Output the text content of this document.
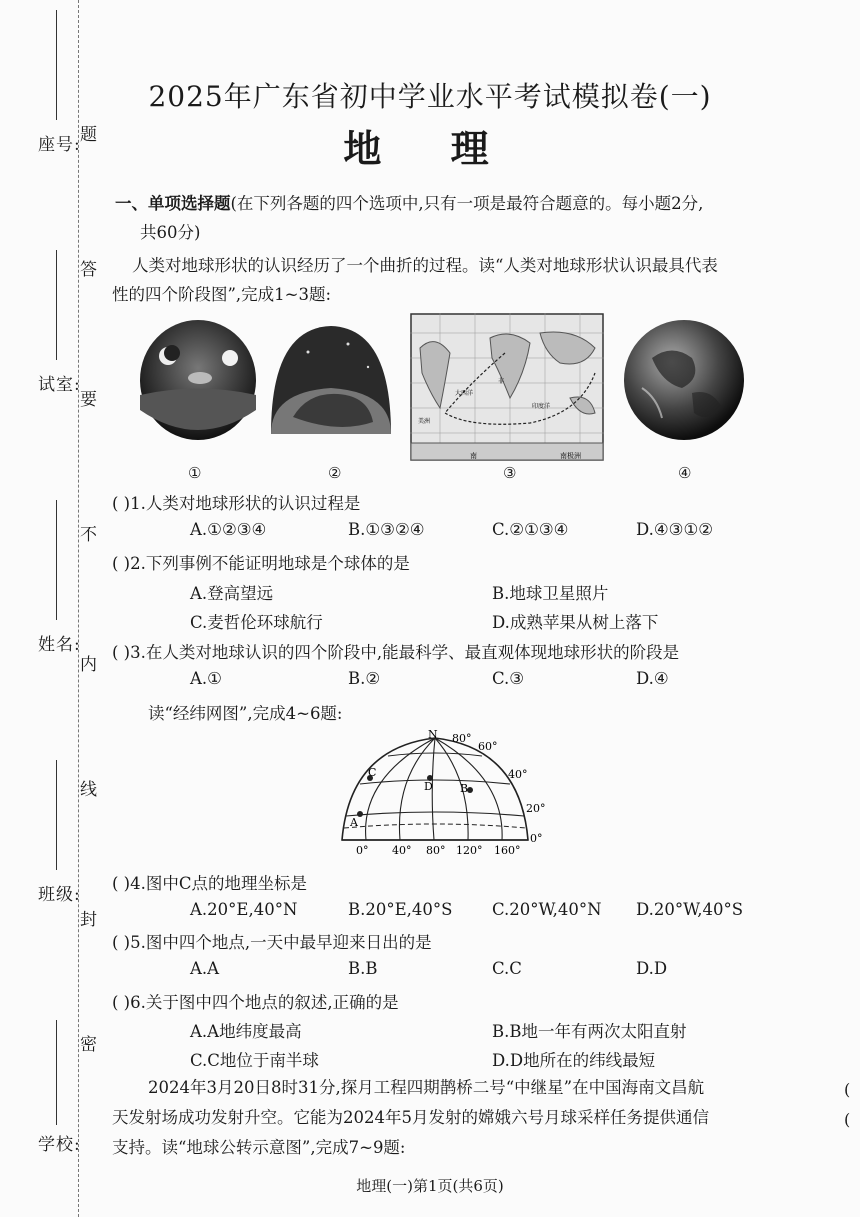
座号:
试室:
姓名:
班级:
学校:
题
答
要
不
内
线
封
密
2025年广东省初中学业水平考试模拟卷(一)
地 理
一、单项选择题(在下列各题的四个选项中,只有一项是最符合题意的。每小题2分,
共60分)
人类对地球形状的认识经历了一个曲折的过程。读“人类对地球形状认识最具代表
性的四个阶段图”,完成1~3题:
南	南极洲
美洲
非
印度洋
大西洋
①	②	③	④
( )1.人类对地球形状的认识过程是
A.①②③④	B.①③②④	C.②①③④	D.④③①②
( )2.下列事例不能证明地球是个球体的是
A.登高望远	B.地球卫星照片
C.麦哲伦环球航行	D.成熟苹果从树上落下
( )3.在人类对地球认识的四个阶段中,能最科学、最直观体现地球形状的阶段是
A.①	B.②	C.③	D.④
读“经纬网图”,完成4~6题:
N 80°
60°
40°
20°
0°
0° 40° 80° 120° 160°
A
B
C
D
( )4.图中C点的地理坐标是
A.20°E,40°N	B.20°E,40°S C.20°W,40°N D.20°W,40°S
( )5.图中四个地点,一天中最早迎来日出的是
A.A	B.B	C.C	D.D
( )6.关于图中四个地点的叙述,正确的是
A.A地纬度最高	B.B地一年有两次太阳直射
C.C地位于南半球	D.D地所在的纬线最短
2024年3月20日8时31分,探月工程四期鹊桥二号“中继星”在中国海南文昌航
天发射场成功发射升空。它能为2024年5月发射的嫦娥六号月球采样任务提供通信
支持。读“地球公转示意图”,完成7~9题:
(
(
地理(一)第1页(共6页)
